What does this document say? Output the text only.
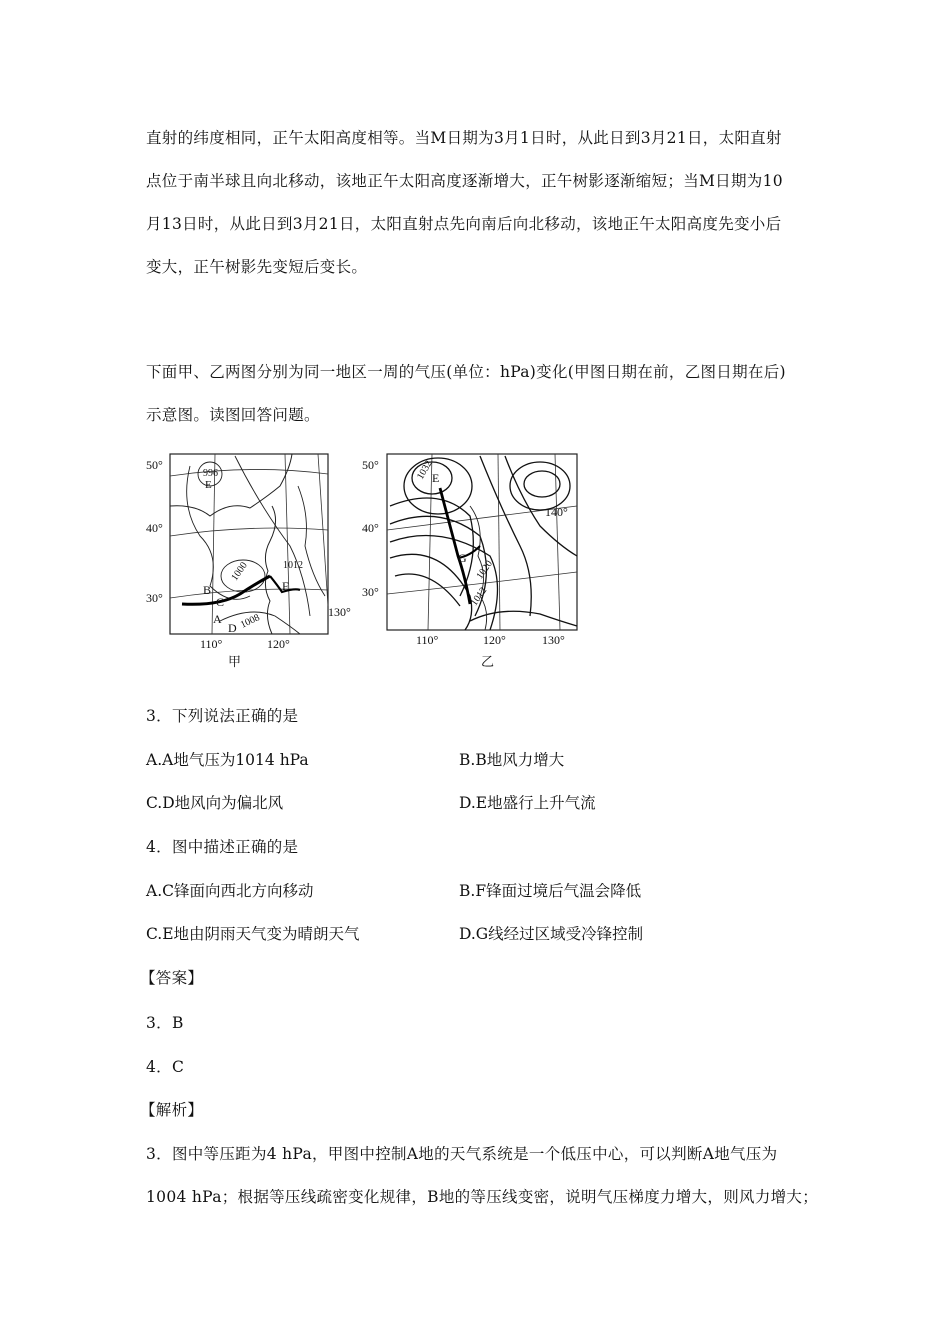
直射的纬度相同，正午太阳高度相等。当M日期为3月1日时，从此日到3月21日，太阳直射
点位于南半球且向北移动，该地正午太阳高度逐渐增大，正午树影逐渐缩短；当M日期为10
月13日时，从此日到3月21日，太阳直射点先向南后向北移动，该地正午太阳高度先变小后
变大，正午树影先变短后变长。
下面甲、乙两图分别为同一地区一周的气压(单位：hPa)变化(甲图日期在前，乙图日期在后)
示意图。读图回答问题。
996
1000
1008
1012
E
B
C
A
D
F
50°
40°
30°
110°	120°
130°
甲
1032
1020
1012
E
G
50°
40°
30°
110°	120°	130°
140°
乙
3．下列说法正确的是
A.A地气压为1014 hPa	B.B地风力增大
C.D地风向为偏北风	D.E地盛行上升气流
4．图中描述正确的是
A.C锋面向西北方向移动	B.F锋面过境后气温会降低
C.E地由阴雨天气变为晴朗天气	D.G线经过区域受冷锋控制
【答案】
3．B
4．C
【解析】
3．图中等压距为4 hPa，甲图中控制A地的天气系统是一个低压中心，可以判断A地气压为
1004 hPa；根据等压线疏密变化规律，B地的等压线变密，说明气压梯度力增大，则风力增大；
